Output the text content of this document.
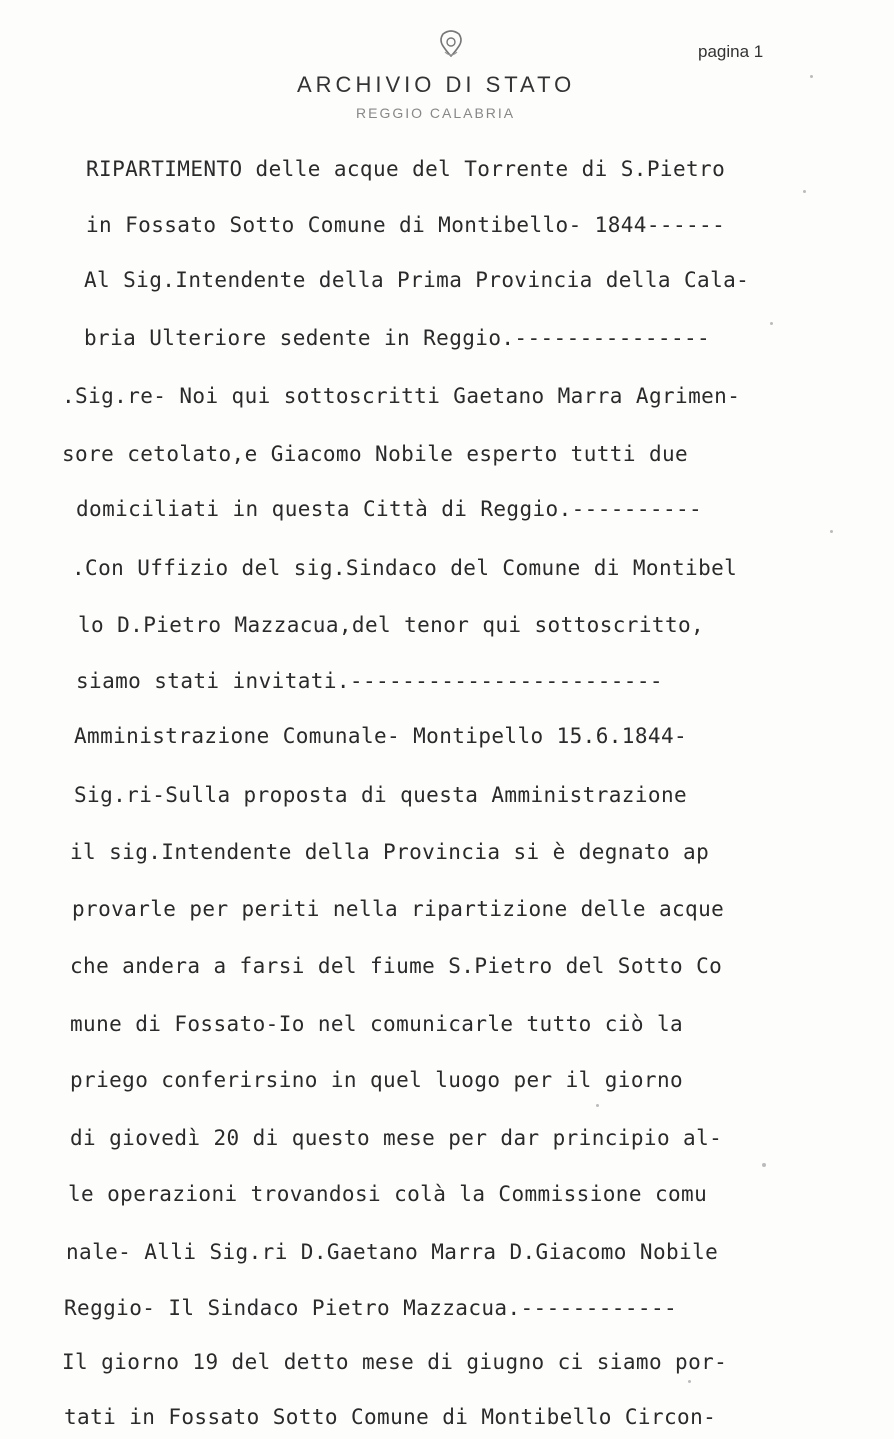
pagina 1
ARCHIVIO DI STATO
REGGIO CALABRIA
RIPARTIMENTO delle acque del Torrente di S.Pietro
in Fossato Sotto Comune di Montibello- 1844------
Al Sig.Intendente della Prima Provincia della Cala-
bria Ulteriore sedente in Reggio.---------------
.Sig.re- Noi qui sottoscritti Gaetano Marra Agrimen-
sore cetolato,e Giacomo Nobile esperto tutti due
domiciliati in questa Città di Reggio.----------
.Con Uffizio del sig.Sindaco del Comune di Montibel
lo D.Pietro Mazzacua,del tenor qui sottoscritto,
siamo stati invitati.------------------------
Amministrazione Comunale- Montipello 15.6.1844-
Sig.ri-Sulla proposta di questa Amministrazione
il sig.Intendente della Provincia si è degnato ap
provarle per periti nella ripartizione delle acque
che andera a farsi del fiume S.Pietro del Sotto Co
mune di Fossato-Io nel comunicarle tutto ciò la
priego conferirsino in quel luogo per il giorno
di giovedì 20 di questo mese per dar principio al-
le operazioni trovandosi colà la Commissione comu
nale- Alli Sig.ri D.Gaetano Marra D.Giacomo Nobile
Reggio- Il Sindaco Pietro Mazzacua.------------
Il giorno 19 del detto mese di giugno ci siamo por-
tati in Fossato Sotto Comune di Montibello Circon-
